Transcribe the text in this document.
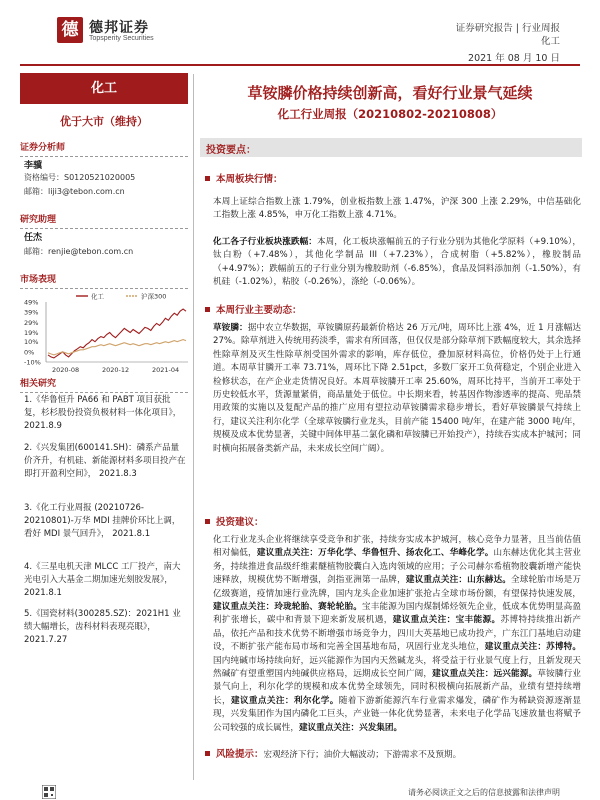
德 德邦证券
Topsperity Securities
证券研究报告 | 行业周报
化工
2021 年 08 月 10 日
化工
优于大市（维持）
证券分析师
李骥
资格编号：S0120521020005
邮箱：liji3@tebon.com.cn
研究助理
任杰
邮箱：renjie@tebon.com.cn
市场表现
49%
39%
29%
19%
10%
0%
-10%
2020-08	2020-12	2021-04
化工	沪深300
相关研究
1.《华鲁恒升 PA66 和 PABT 项目获批复，杉杉股份投资负极材料一体化项目》， 2021.8.9
2.《兴发集团(600141.SH)：磷系产品量价齐升，有机硅、新能源材料多项目投产在即打开盈利空间》， 2021.8.3
3.《化工行业周报 (20210726-20210801)-万华 MDI 挂牌价环比上调，看好 MDI 景气回升》， 2021.8.1
4.《三星电机天津 MLCC 工厂投产，南大光电引入大基金二期加速光刻胶发展》， 2021.8.1
5.《国瓷材料(300285.SZ)：2021H1 业绩大幅增长，齿科材料表现亮眼》， 2021.7.27
草铵膦价格持续创新高，看好行业景气延续
化工行业周报（20210802-20210808）
投资要点：
本周板块行情：
本周上证综合指数上涨 1.79%，创业板指数上涨 1.47%，沪深 300 上涨 2.29%，中信基础化工指数上涨 4.85%，申万化工指数上涨 4.71%。
化工各子行业板块涨跌幅：本周，化工板块涨幅前五的子行业分别为其他化学原料（+9.10%），钛白粉（+7.48%），其他化学制品 III（+7.23%），合成树脂（+5.82%），橡胶制品（+4.97%）；跌幅前五的子行业分别为橡胶助剂（-6.85%），食品及饲料添加剂（-1.50%），有机硅（-1.02%），粘胶（-0.26%），涤纶（-0.06%）。
本周行业主要动态：
草铵膦：据中农立华数据，草铵膦原药最新价格达 26 万元/吨，周环比上涨 4%，近 1 月涨幅达 27%。除草剂进入传统用药淡季，需求有所回落，但仅仅是部分除草剂下跌幅度较大，其余选择性除草剂及灭生性除草剂受国外需求的影响，库存低位，叠加原材料高位，价格仍处于上行通道。本周草甘膦开工率 73.71%，周环比下降 2.51pct，多数厂家开工负荷稳定，个别企业进入检修状态，在产企业走货情况良好。本周草铵膦开工率 25.60%，周环比持平，当前开工率处于历史较低水平，货源量紧俏，商品量处于低位。中长期来看，转基因作物渗透率的提高、兜品禁用政策的实施以及复配产品的推广应用有望拉动草铵膦需求稳步增长，看好草铵膦景气持续上行，建议关注利尔化学（全球草铵膦行业龙头，目前产能 15400 吨/年，在建产能 3000 吨/年，规模及成本优势显著，关键中间体甲基二氯化磷和草铵膦已开始投产），持续吞实成本护城河；同时横向拓展备类新产品，未来成长空间广阔）。
投资建议：
化工行业龙头企业将继续享受竞争和扩张，持续夯实成本护城河，核心竞争力显著，且当前估值相对偏低，建议重点关注：万华化学、华鲁恒升、扬农化工、华峰化学。山东赫达优化其主营业务，持续推进食品级纤维素醚植物胶囊白入选肉领域的应用；子公司赫尔希植物胶囊新增产能快速释放，规模优势不断增强，剑指亚洲第一品牌，建议重点关注：山东赫达。全球轮胎市场是万亿级赛道，疫情加速行业洗牌，国内龙头企业加速扩张抢占全球市场份额，有望保持快速发展，建议重点关注：玲珑轮胎、赛轮轮胎。宝丰能源为国内煤制烯烃领先企业，低成本优势明显高盈利扩张增长，碳中和背景下迎来新发展机遇，建议重点关注：宝丰能源。苏博特持续推出新产品，依托产品和技术优势不断增强市场竞争力，四川大英基地已成功投产，广东江门基地启动建设，不断扩张产能布局市场和完善全国基地布局，巩固行业龙头地位，建议重点关注：苏博特。国内纯碱市场持续向好，远兴能源作为国内天然碱龙头，将受益于行业景气度上行，且新发现天然碱矿有望重塑国内纯碱供应格局，远期成长空间广阔，建议重点关注：远兴能源。草铵膦行业景气向上，利尔化学的规模和成本优势全球领先，同时积极横向拓展新产品，业绩有望持续增长，建议重点关注：利尔化学。随着下游新能源汽车行业需求爆发，磷矿作为稀缺资源逐渐显现，兴发集团作为国内磷化工巨头，产业链一体化优势显著，未来电子化学品飞速放量也将赋予公司较强的成长属性，建议重点关注：兴发集团。
风险提示：宏观经济下行；油价大幅波动；下游需求不及预期。
请务必阅读正文之后的信息披露和法律声明
